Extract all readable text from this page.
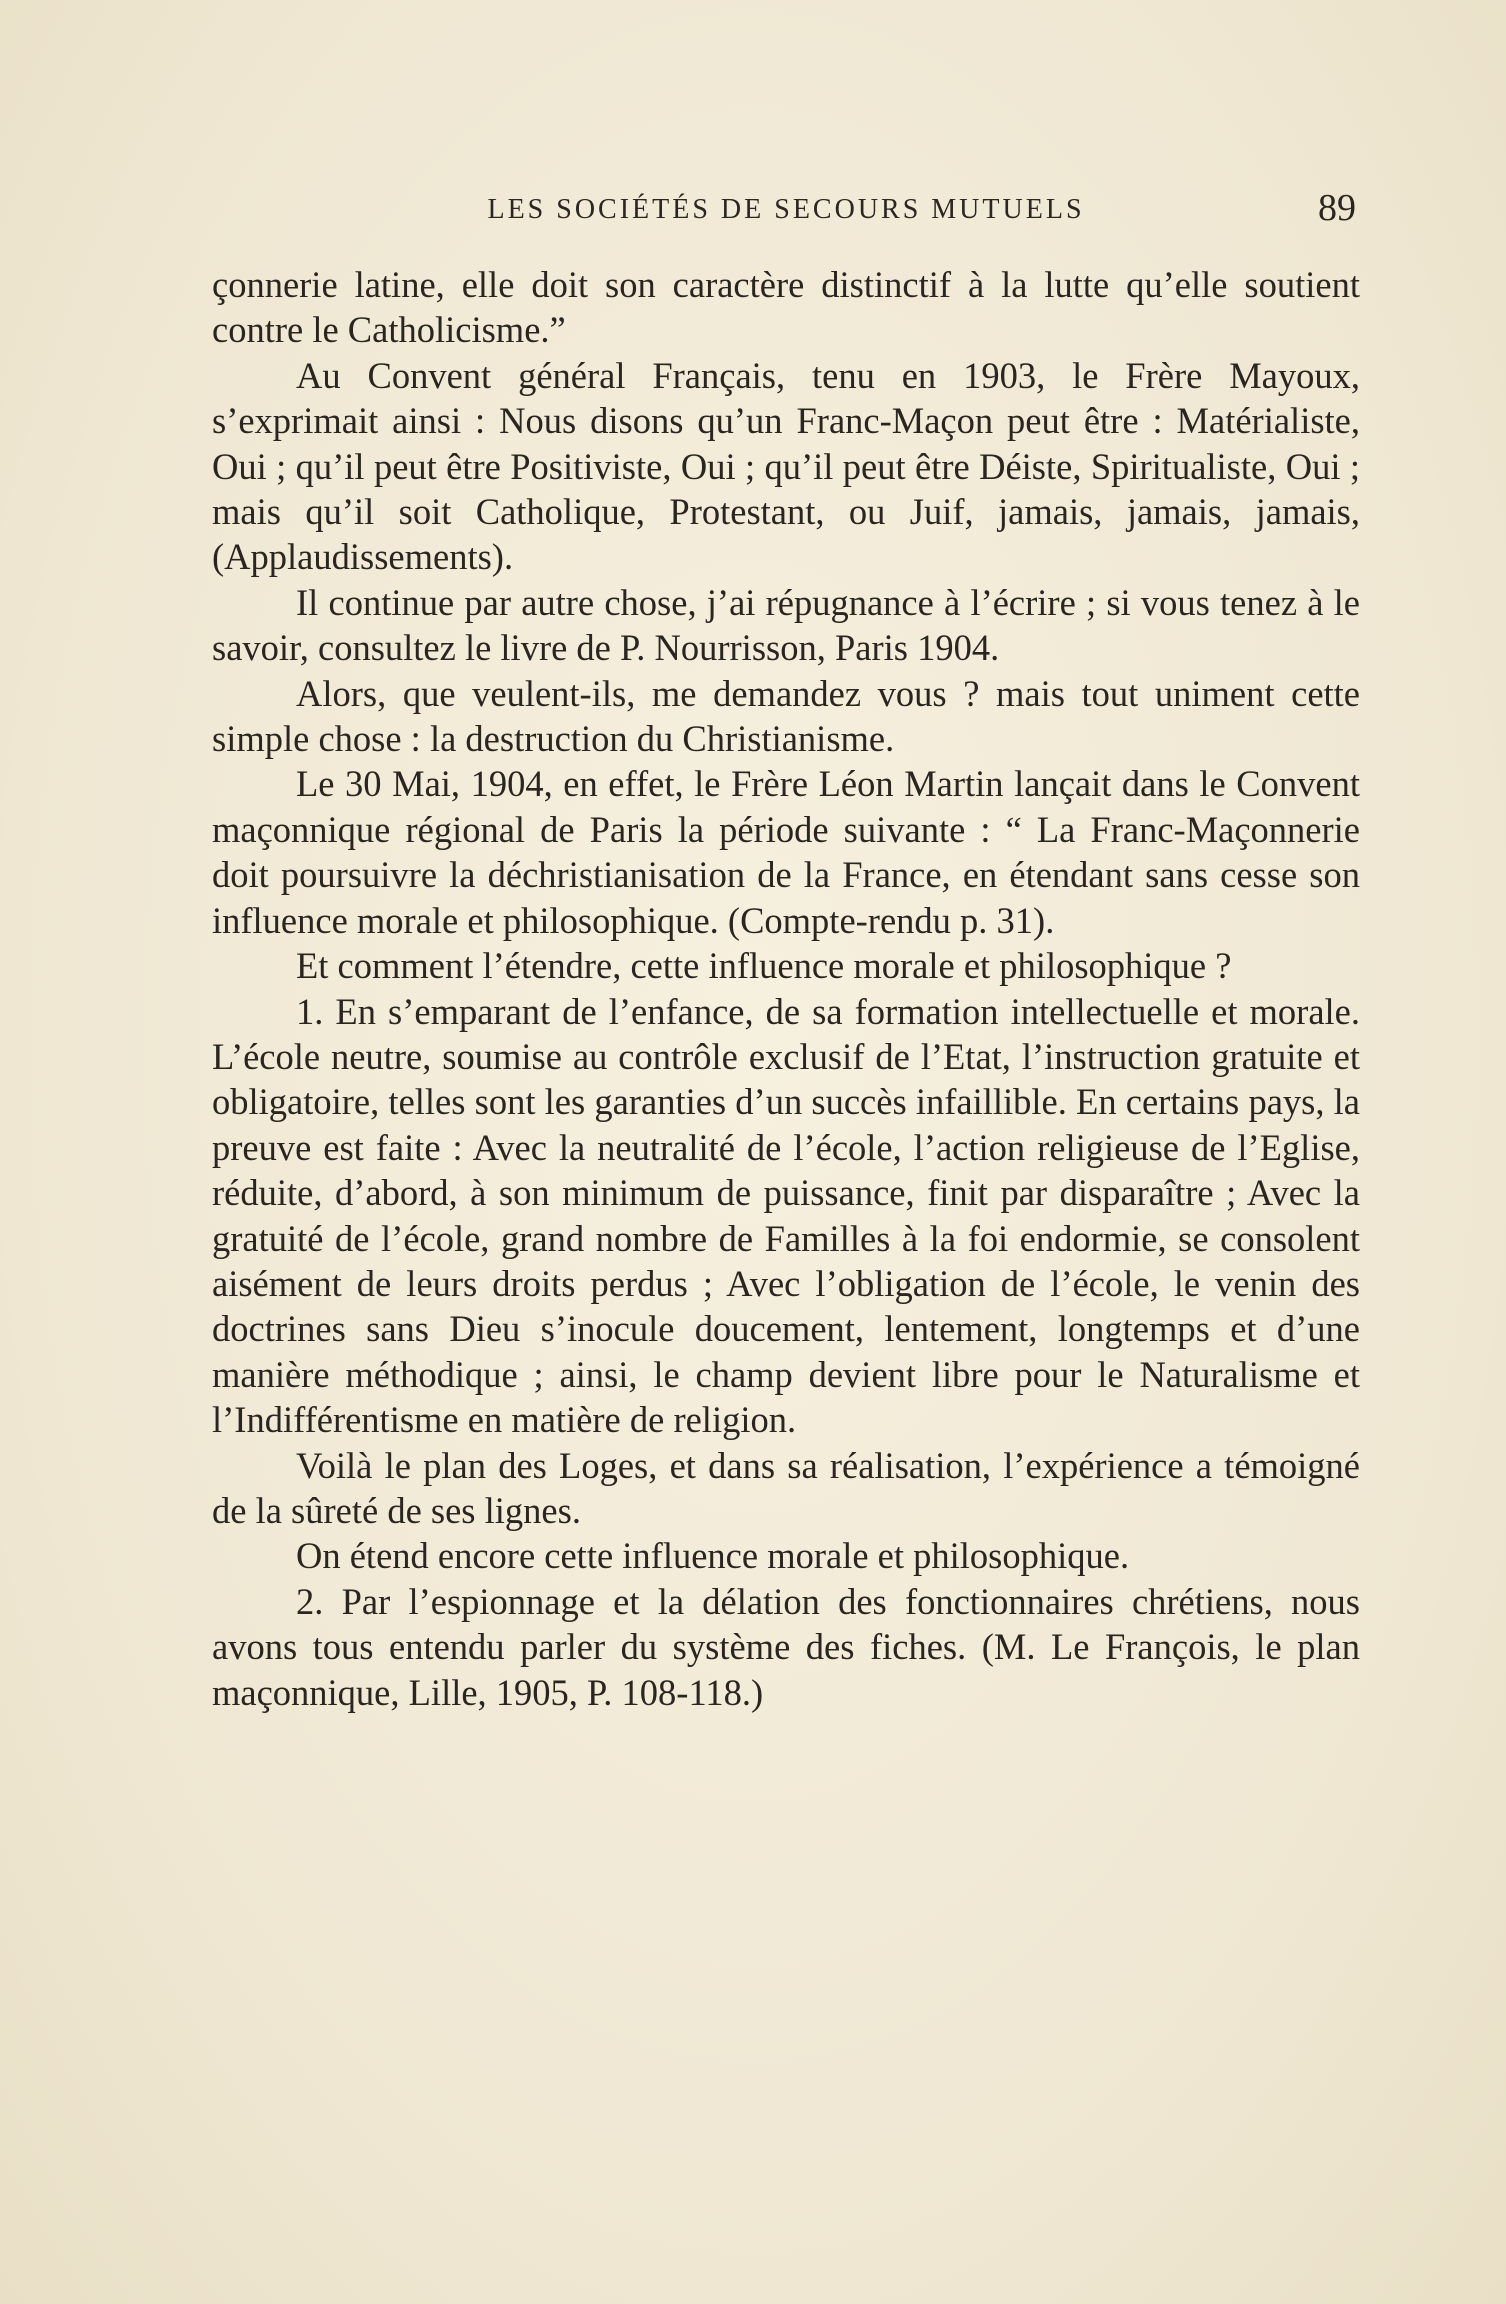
LES SOCIÉTÉS DE SECOURS MUTUELS	89

çonnerie latine, elle doit son caractère distinctif à la lutte qu’elle soutient contre le Catholicisme.”

Au Convent général Français, tenu en 1903, le Frère Mayoux, s’exprimait ainsi : Nous disons qu’un Franc-Maçon peut être : Matérialiste, Oui ; qu’il peut être Positiviste, Oui ; qu’il peut être Déiste, Spiritualiste, Oui ; mais qu’il soit Catholique, Protestant, ou Juif, jamais, jamais, jamais, (Applaudissements).

Il continue par autre chose, j’ai répugnance à l’écrire ; si vous tenez à le savoir, consultez le livre de P. Nourrisson, Paris 1904.

Alors, que veulent-ils, me demandez vous ? mais tout uniment cette simple chose : la destruction du Christianisme.

Le 30 Mai, 1904, en effet, le Frère Léon Martin lançait dans le Convent maçonnique régional de Paris la période suivante : “ La Franc-Maçonnerie doit poursuivre la déchristianisation de la France, en étendant sans cesse son influence morale et philosophique. (Compte-rendu p. 31).

Et comment l’étendre, cette influence morale et philosophique ?

1. En s’emparant de l’enfance, de sa formation intellectuelle et morale. L’école neutre, soumise au contrôle exclusif de l’Etat, l’instruction gratuite et obligatoire, telles sont les garanties d’un succès infaillible. En certains pays, la preuve est faite : Avec la neutralité de l’école, l’action religieuse de l’Eglise, réduite, d’abord, à son minimum de puissance, finit par disparaître ; Avec la gratuité de l’école, grand nombre de Familles à la foi endormie, se consolent aisément de leurs droits perdus ; Avec l’obligation de l’école, le venin des doctrines sans Dieu s’inocule doucement, lentement, longtemps et d’une manière méthodique ; ainsi, le champ devient libre pour le Naturalisme et l’Indifférentisme en matière de religion.

Voilà le plan des Loges, et dans sa réalisation, l’expérience a témoigné de la sûreté de ses lignes.

On étend encore cette influence morale et philosophique.

2. Par l’espionnage et la délation des fonctionnaires chrétiens, nous avons tous entendu parler du système des fiches. (M. Le François, le plan maçonnique, Lille, 1905, P. 108-118.)
